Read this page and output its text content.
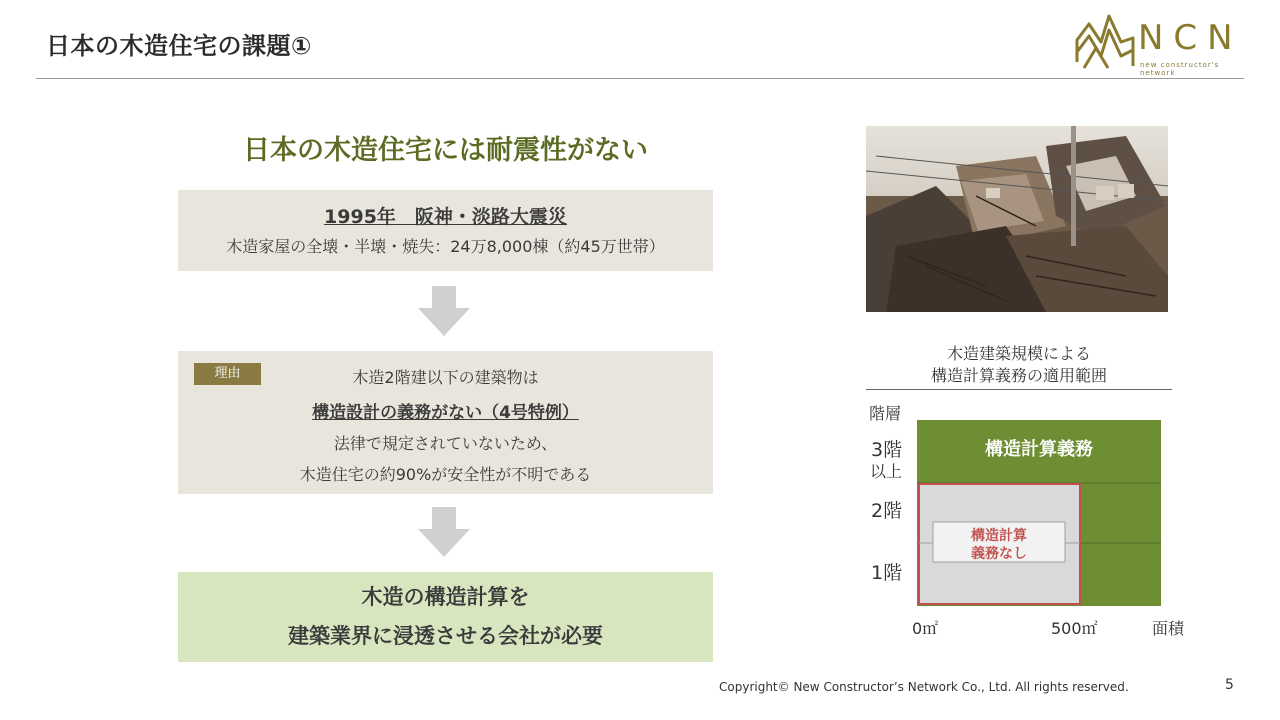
日本の木造住宅の課題①	NCN
new constructor's network
日本の木造住宅には耐震性がない
1995年　阪神・淡路大震災
木造家屋の全壊・半壊・焼失：24万8,000棟（約45万世帯）
理由	木造2階建以下の建築物は
構造設計の義務がない（4号特例）
法律で規定されていないため、
木造住宅の約90%が安全性が不明である
木造の構造計算を
建築業界に浸透させる会社が必要
木造建築規模による
構造計算義務の適用範囲
構造計算義務
構造計算
義務なし
階層
3階
以上
2階
1階
0㎡	500㎡	面積
Copyright© New Constructor’s Network Co., Ltd. All rights reserved.	5
